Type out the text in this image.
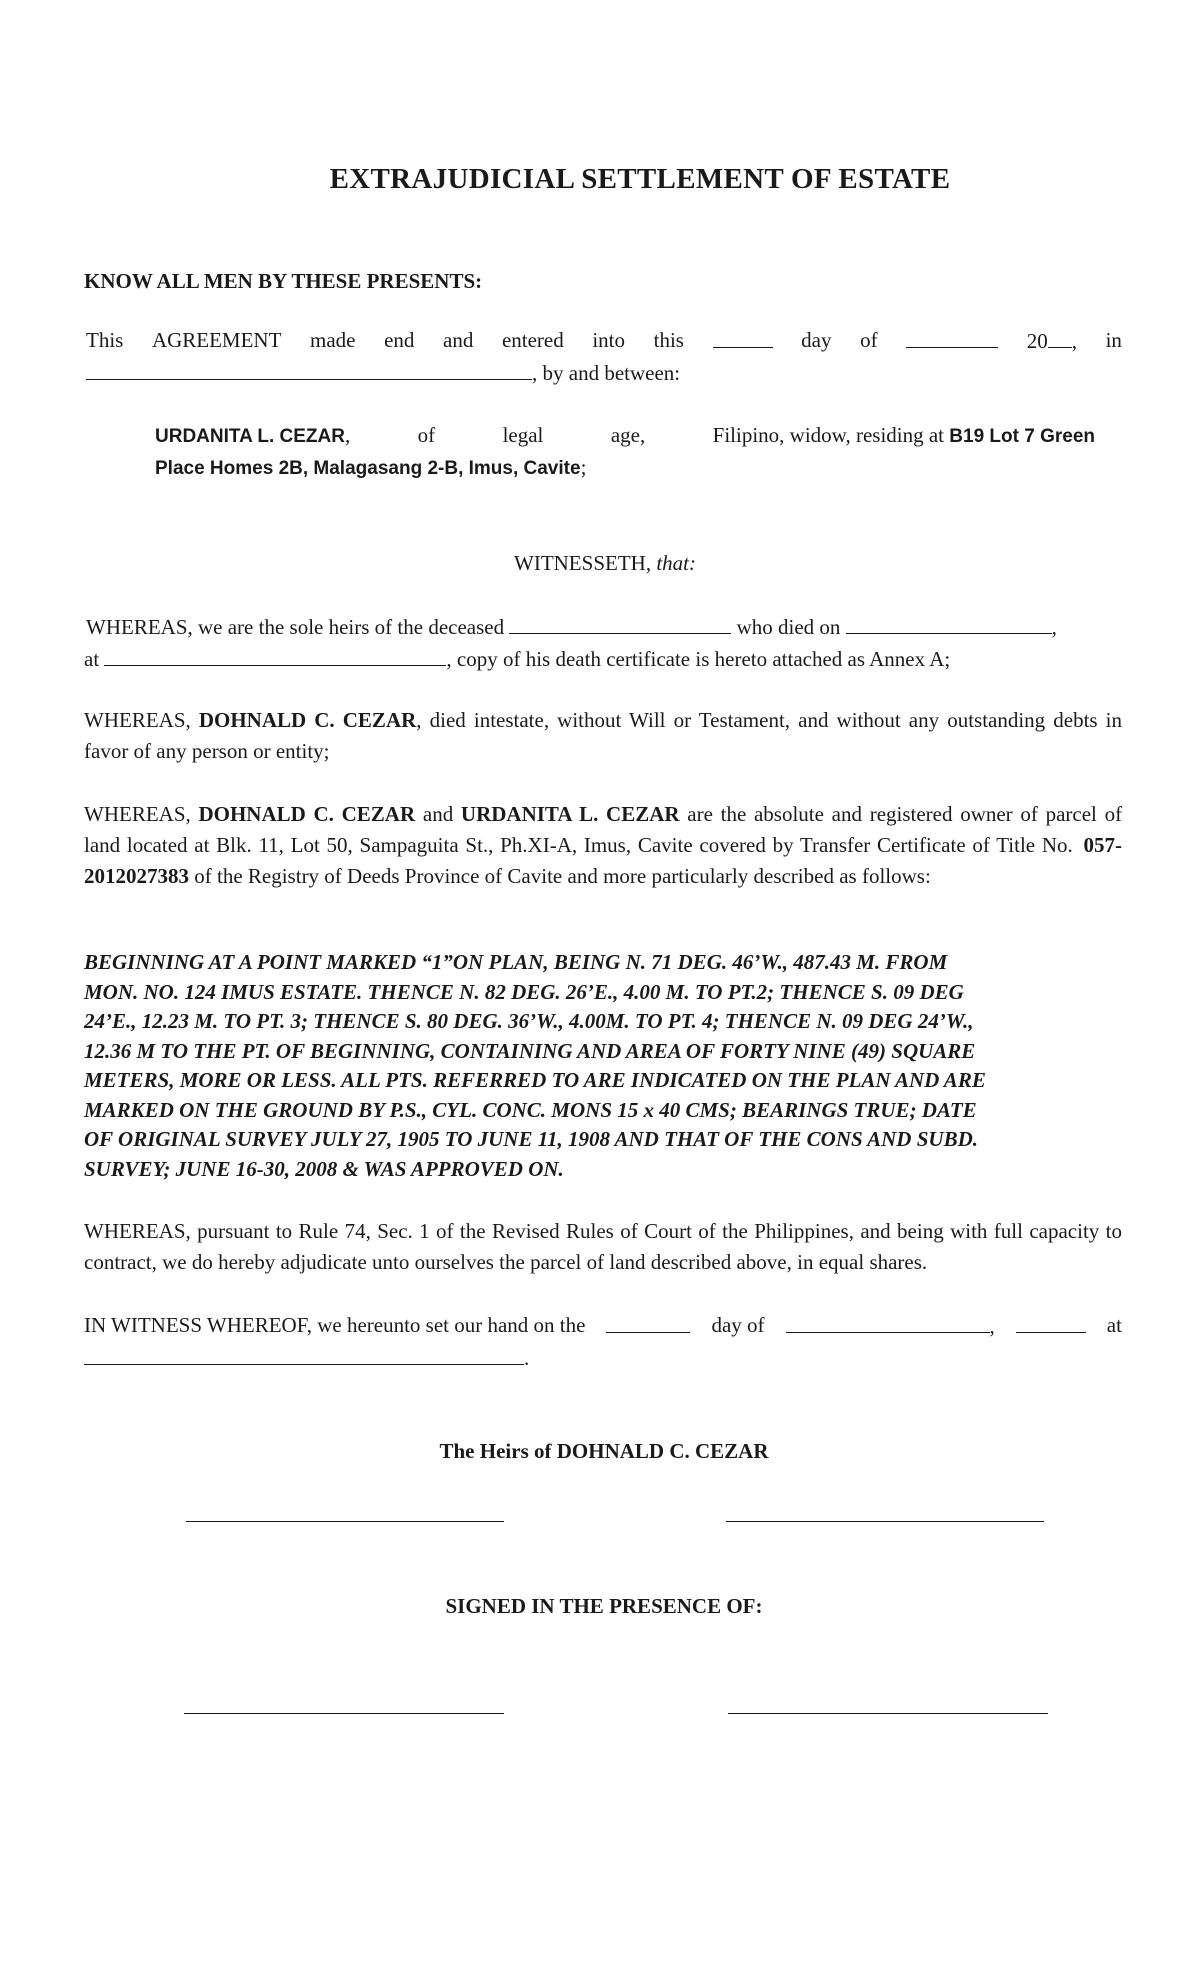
EXTRAJUDICIAL SETTLEMENT OF ESTATE
KNOW ALL MEN BY THESE PRESENTS:
This AGREEMENT made end and entered into this	day of	20 , in
, by and between:
URDANITA L. CEZAR,	of	legal	age,	Filipino, widow, residing at B19 Lot 7 Green
Place Homes 2B, Malagasang 2-B, Imus, Cavite;
WITNESSETH, that:
WHEREAS, we are the sole heirs of the deceased	who died on	,
at	, copy of his death certificate is hereto attached as Annex A;
WHEREAS, DOHNALD C. CEZAR, died intestate, without Will or Testament, and without any outstanding debts in favor of any person or entity;
WHEREAS, DOHNALD C. CEZAR and URDANITA L. CEZAR are the absolute and registered owner of parcel of land located at Blk. 11, Lot 50, Sampaguita St., Ph.XI-A, Imus, Cavite covered by Transfer Certificate of Title No. 057-2012027383 of the Registry of Deeds Province of Cavite and more particularly described as follows:
BEGINNING AT A POINT MARKED “1”ON PLAN, BEING N. 71 DEG. 46’W., 487.43 M. FROM
MON. NO. 124 IMUS ESTATE. THENCE N. 82 DEG. 26’E., 4.00 M. TO PT.2; THENCE S. 09 DEG
24’E., 12.23 M. TO PT. 3; THENCE S. 80 DEG. 36’W., 4.00M. TO PT. 4; THENCE N. 09 DEG 24’W.,
12.36 M TO THE PT. OF BEGINNING, CONTAINING AND AREA OF FORTY NINE (49) SQUARE
METERS, MORE OR LESS. ALL PTS. REFERRED TO ARE INDICATED ON THE PLAN AND ARE
MARKED ON THE GROUND BY P.S., CYL. CONC. MONS 15 x 40 CMS; BEARINGS TRUE; DATE
OF ORIGINAL SURVEY JULY 27, 1905 TO JUNE 11, 1908 AND THAT OF THE CONS AND SUBD.
SURVEY; JUNE 16-30, 2008 & WAS APPROVED ON.
WHEREAS, pursuant to Rule 74, Sec. 1 of the Revised Rules of Court of the Philippines, and being with full capacity to contract, we do hereby adjudicate unto ourselves the parcel of land described above, in equal shares.
IN WITNESS WHEREOF, we hereunto set our hand on the	day of	,	at
.
The Heirs of DOHNALD C. CEZAR
SIGNED IN THE PRESENCE OF:
